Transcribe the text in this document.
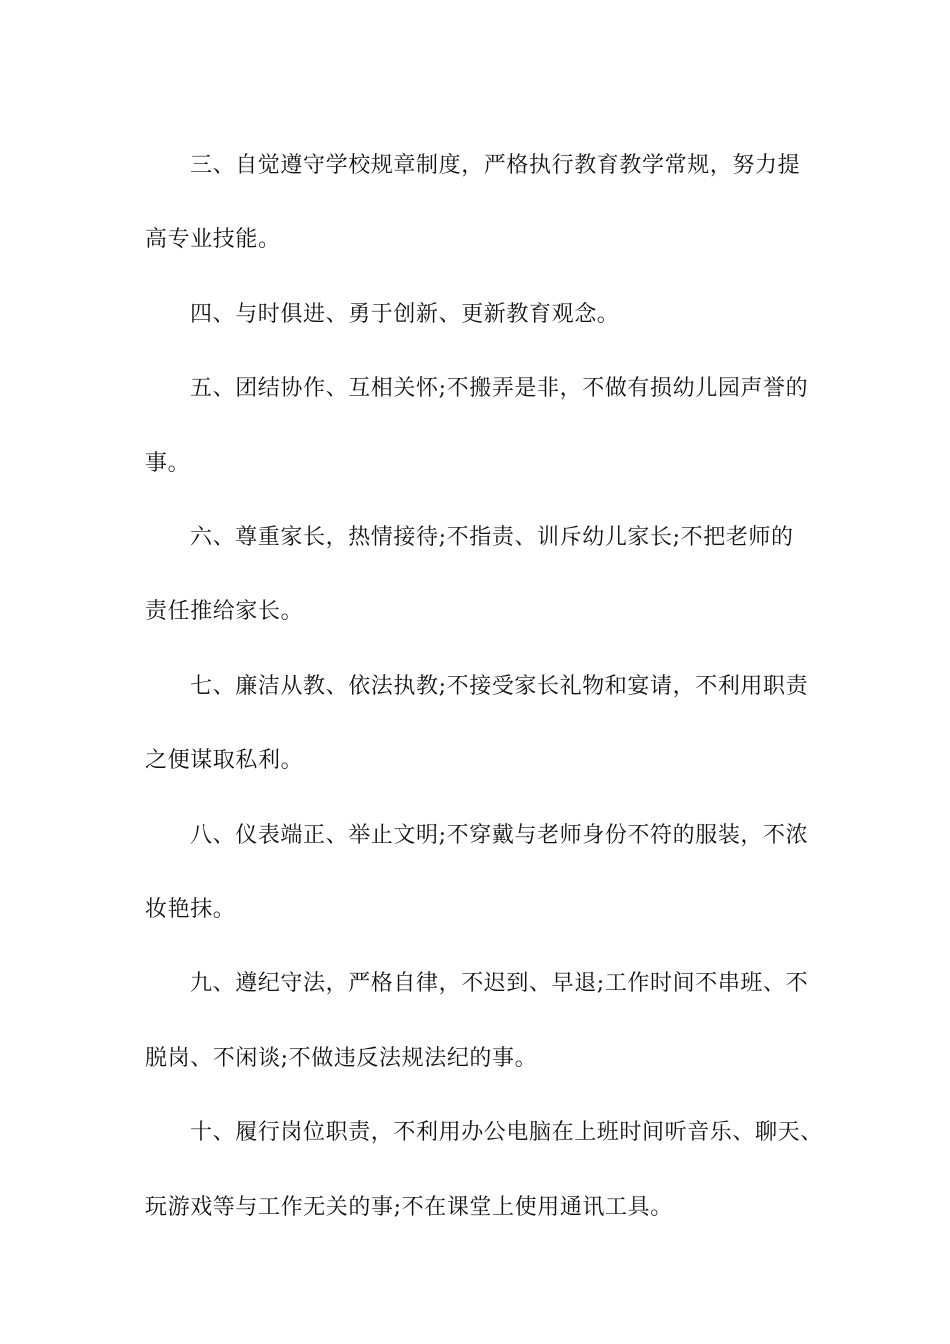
三、自觉遵守学校规章制度，严格执行教育教学常规，努力提
高专业技能。
四、与时俱进、勇于创新、更新教育观念。
五、团结协作、互相关怀;不搬弄是非，不做有损幼儿园声誉的
事。
六、尊重家长，热情接待;不指责、训斥幼儿家长;不把老师的
责任推给家长。
七、廉洁从教、依法执教;不接受家长礼物和宴请，不利用职责
之便谋取私利。
八、仪表端正、举止文明;不穿戴与老师身份不符的服装，不浓
妆艳抹。
九、遵纪守法，严格自律，不迟到、早退;工作时间不串班、不
脱岗、不闲谈;不做违反法规法纪的事。
十、履行岗位职责，不利用办公电脑在上班时间听音乐、聊天、
玩游戏等与工作无关的事;不在课堂上使用通讯工具。
